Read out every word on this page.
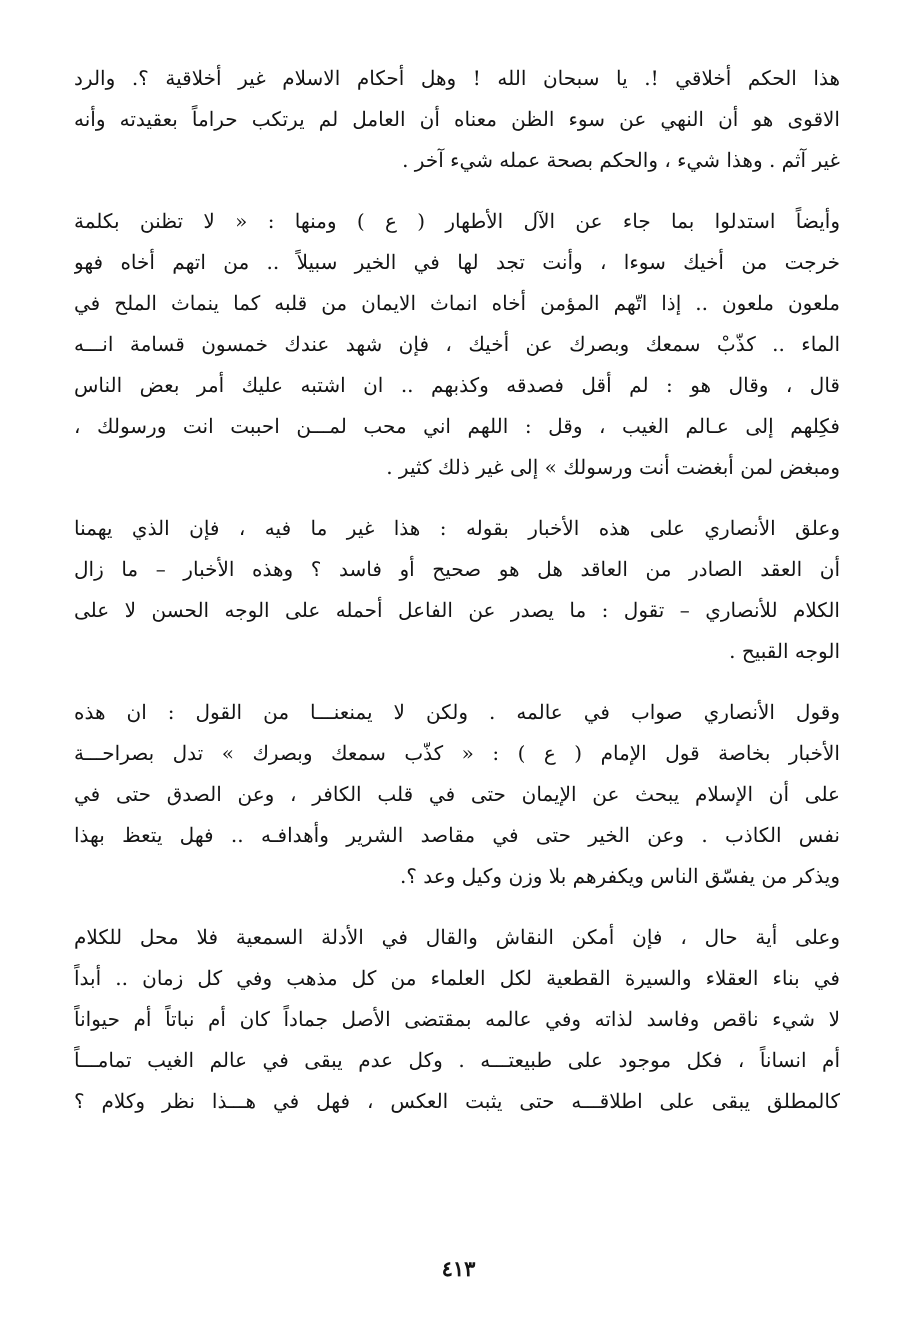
هذا الحكم أخلاقي !. يا سبحان الله ! وهل أحكام الاسلام غير أخلاقية ؟. والرد
الاقوى هو أن النهي عن سوء الظن معناه أن العامل لم يرتكب حراماً بعقيدته وأنه
غير آثم . وهذا شيء ، والحكم بصحة عمله شيء آخر .

وأيضاً استدلوا بما جاء عن الآل الأطهار ( ع ) ومنها : « لا تظنن بكلمة
خرجت من أخيك سوءا ، وأنت تجد لها في الخير سبيلاً .. من اتهم أخاه فهو
ملعون ملعون .. إذا اتّهم المؤمن أخاه انماث الايمان من قلبه كما ينماث الملح في
الماء .. كذّبْ سمعك وبصرك عن أخيك ، فإن شهد عندك خمسون قسامة انـــه
قال ، وقال هو : لم أقل فصدقه وكذبهم .. ان اشتبه عليك أمر بعض الناس
فكِلهم إلى عـالم الغيب ، وقل : اللهم اني محب لمـــن احببت انت ورسولك ،
ومبغض لمن أبغضت أنت ورسولك » إلى غير ذلك كثير .

وعلق الأنصاري على هذه الأخبار بقوله : هذا غير ما فيه ، فإن الذي يهمنا
أن العقد الصادر من العاقد هل هو صحيح أو فاسد ؟ وهذه الأخبار – ما زال
الكلام للأنصاري – تقول : ما يصدر عن الفاعل أحمله على الوجه الحسن لا على
الوجه القبيح .

وقول الأنصاري صواب في عالمه . ولكن لا يمنعنـــا من القول : ان هذه
الأخبار بخاصة قول الإمام ( ع ) : « كذّب سمعك وبصرك » تدل بصراحـــة
على أن الإسلام يبحث عن الإيمان حتى في قلب الكافر ، وعن الصدق حتى في
نفس الكاذب . وعن الخير حتى في مقاصد الشرير وأهدافـه .. فهل يتعظ بهذا
ويذكر من يفسّق الناس ويكفرهم بلا وزن وكيل وعد ؟.

وعلى أية حال ، فإن أمكن النقاش والقال في الأدلة السمعية فلا محل للكلام
في بناء العقلاء والسيرة القطعية لكل العلماء من كل مذهب وفي كل زمان .. أبداً
لا شيء ناقص وفاسد لذاته وفي عالمه بمقتضى الأصل جماداً كان أم نباتاً أم حيواناً
أم انساناً ، فكل موجود على طبيعتـــه . وكل عدم يبقى في عالم الغيب تمامـــاً
كالمطلق يبقى على اطلاقـــه حتى يثبت العكس ، فهل في هـــذا نظر وكلام ؟

٤١٣
